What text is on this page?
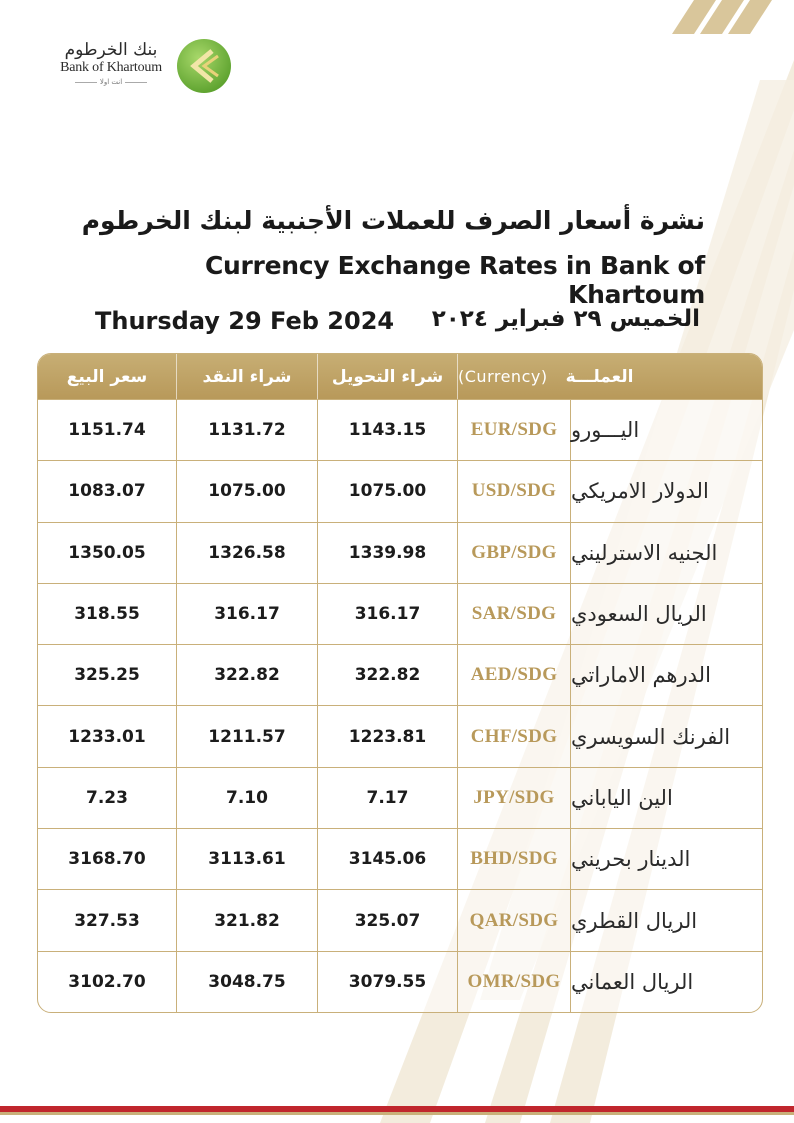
بنك الخرطوم
Bank of Khartoum
انت اولا
نشرة أسعار الصرف للعملات الأجنبية لبنك الخرطوم
Currency Exchange Rates in Bank of Khartoum
Thursday 29 Feb 2024	الخميس ٢٩ فبراير ٢٠٢٤
سعر البيع	شراء النقد	شراء التحويل	العملـــة
(Currency)
1151.74	1131.72	1143.15	EUR/SDG اليـــورو
1083.07	1075.00	1075.00	USD/SDG الدولار الامريكي
1350.05	1326.58	1339.98	GBP/SDG الجنيه الاسترليني
318.55	316.17	316.17	SAR/SDG الريال السعودي
325.25	322.82	322.82	AED/SDG الدرهم الاماراتي
1233.01	1211.57	1223.81	CHF/SDG الفرنك السويسري
7.23	7.10	7.17	JPY/SDG الين الياباني
3168.70	3113.61	3145.06	BHD/SDG الدينار بحريني
327.53	321.82	325.07	QAR/SDG الريال القطري
3102.70	3048.75	3079.55	OMR/SDG الريال العماني
